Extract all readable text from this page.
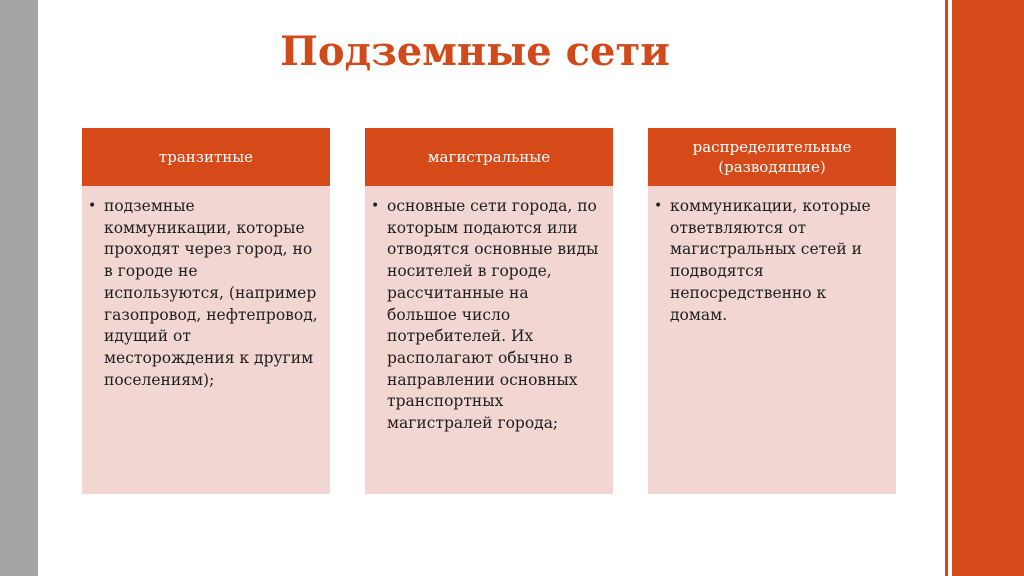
Подземные сети
транзитные
• подземные коммуникации, которые проходят через город, но в городе не используются, (например газопровод, нефтепровод, идущий от месторождения к другим поселениям);
магистральные
• основные сети города, по которым подаются или отводятся основные виды носителей в городе, рассчитанные на большое число потребителей. Их располагают обычно в направлении основных транспортных магистралей города;
распределительные (разводящие)
• коммуникации, которые ответвляются от магистральных сетей и подводятся непосредственно к домам.
